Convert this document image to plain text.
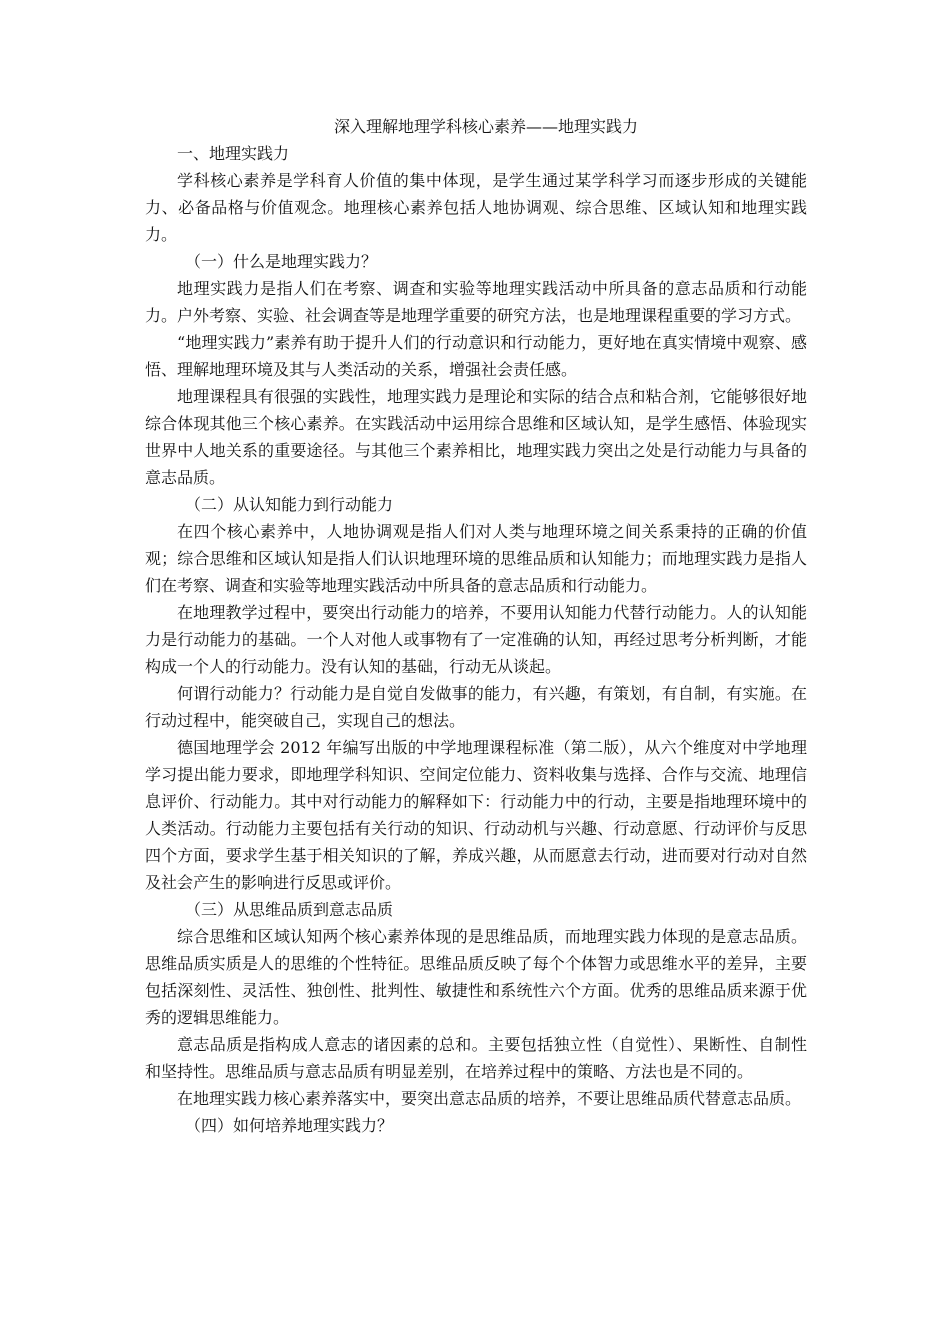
深入理解地理学科核心素养——地理实践力

一、地理实践力

学科核心素养是学科育人价值的集中体现，是学生通过某学科学习而逐步形成的关键能力、必备品格与价值观念。地理核心素养包括人地协调观、综合思维、区域认知和地理实践力。

（一）什么是地理实践力？

地理实践力是指人们在考察、调查和实验等地理实践活动中所具备的意志品质和行动能力。户外考察、实验、社会调查等是地理学重要的研究方法，也是地理课程重要的学习方式。

“地理实践力”素养有助于提升人们的行动意识和行动能力，更好地在真实情境中观察、感悟、理解地理环境及其与人类活动的关系，增强社会责任感。

地理课程具有很强的实践性，地理实践力是理论和实际的结合点和粘合剂，它能够很好地综合体现其他三个核心素养。在实践活动中运用综合思维和区域认知，是学生感悟、体验现实世界中人地关系的重要途径。与其他三个素养相比，地理实践力突出之处是行动能力与具备的意志品质。

（二）从认知能力到行动能力

在四个核心素养中，人地协调观是指人们对人类与地理环境之间关系秉持的正确的价值观；综合思维和区域认知是指人们认识地理环境的思维品质和认知能力；而地理实践力是指人们在考察、调查和实验等地理实践活动中所具备的意志品质和行动能力。

在地理教学过程中，要突出行动能力的培养，不要用认知能力代替行动能力。人的认知能力是行动能力的基础。一个人对他人或事物有了一定准确的认知，再经过思考分析判断，才能构成一个人的行动能力。没有认知的基础，行动无从谈起。

何谓行动能力？行动能力是自觉自发做事的能力，有兴趣，有策划，有自制，有实施。在行动过程中，能突破自己，实现自己的想法。

德国地理学会 2012 年编写出版的中学地理课程标准（第二版），从六个维度对中学地理学习提出能力要求，即地理学科知识、空间定位能力、资料收集与选择、合作与交流、地理信息评价、行动能力。其中对行动能力的解释如下：行动能力中的行动，主要是指地理环境中的人类活动。行动能力主要包括有关行动的知识、行动动机与兴趣、行动意愿、行动评价与反思四个方面，要求学生基于相关知识的了解，养成兴趣，从而愿意去行动，进而要对行动对自然及社会产生的影响进行反思或评价。

（三）从思维品质到意志品质

综合思维和区域认知两个核心素养体现的是思维品质，而地理实践力体现的是意志品质。思维品质实质是人的思维的个性特征。思维品质反映了每个个体智力或思维水平的差异，主要包括深刻性、灵活性、独创性、批判性、敏捷性和系统性六个方面。优秀的思维品质来源于优秀的逻辑思维能力。

意志品质是指构成人意志的诸因素的总和。主要包括独立性（自觉性）、果断性、自制性和坚持性。思维品质与意志品质有明显差别，在培养过程中的策略、方法也是不同的。

在地理实践力核心素养落实中，要突出意志品质的培养，不要让思维品质代替意志品质。

（四）如何培养地理实践力？
